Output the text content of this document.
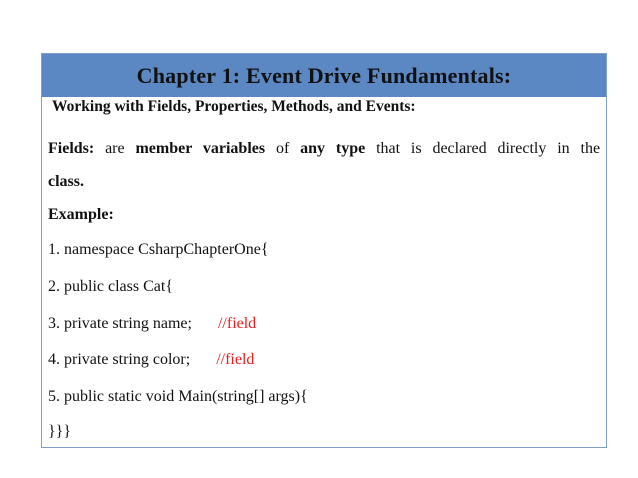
Chapter 1: Event Drive Fundamentals:
Working with Fields, Properties, Methods, and Events:
Fields: are member variables of any type that is declared directly in the
class.
Example:
1. namespace CsharpChapterOne{
2. public class Cat{
3. private string name; //field
4. private string color; //field
5. public static void Main(string[] args){
}}}
